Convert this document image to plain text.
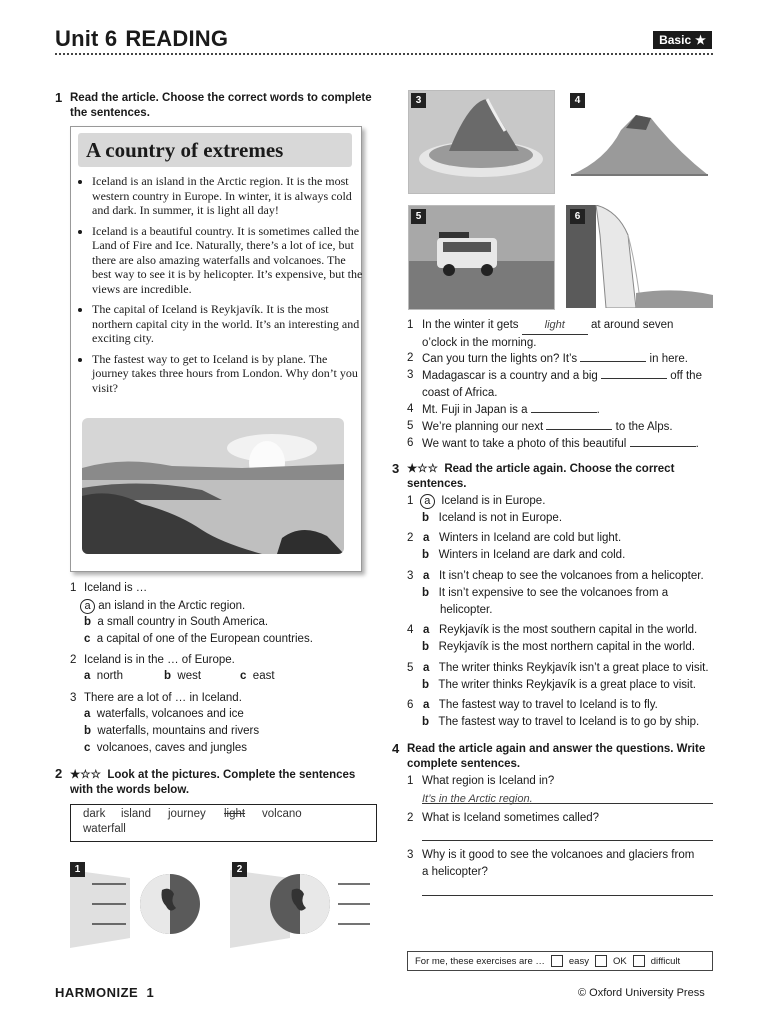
Unit 6 READING	Basic ★
1 Read the article. Choose the correct words to complete the sentences.
A country of extremes
• Iceland is an island in the Arctic region. It is the most western country in Europe. In winter, it is always cold and dark. In summer, it is light all day!
• Iceland is a beautiful country. It is sometimes called the Land of Fire and Ice. Naturally, there’s a lot of ice, but there are also amazing waterfalls and volcanoes. The best way to see it is by helicopter. It’s expensive, but the views are incredible.
• The capital of Iceland is Reykjavík. It is the most northern capital city in the world. It’s an interesting and exciting city.
• The fastest way to get to Iceland is by plane. The journey takes three hours from London. Why don’t you visit?
1 Iceland is …
a an island in the Arctic region.
b a small country in South America.
c a capital of one of the European countries.
2 Iceland is in the … of Europe.
a north	b west	c east
3 There are a lot of … in Iceland.
a waterfalls, volcanoes and ice
b waterfalls, mountains and rivers
c volcanoes, caves and jungles
2 ★☆☆ Look at the pictures. Complete the sentences
with the words below.
dark island journey light volcano
waterfall
1	2
3	4
5	6
1 In the winter it gets light at around seven
o’clock in the morning.
2 Can you turn the lights on? It’s	in here.
3 Madagascar is a country and a big	off the
coast of Africa.
4 Mt. Fuji in Japan is a	.
5 We’re planning our next	to the Alps.
6 We want to take a photo of this beautiful	.
3 ★☆☆ Read the article again. Choose the correct
sentences.
1 a Iceland is in Europe.
b Iceland is not in Europe.
2 a Winters in Iceland are cold but light.
b Winters in Iceland are dark and cold.
3 a It isn’t cheap to see the volcanoes from a helicopter.
b It isn’t expensive to see the volcanoes from a
helicopter.
4 a Reykjavík is the most southern capital in the world.
b Reykjavík is the most northern capital in the world.
5 a The writer thinks Reykjavík isn’t a great place to visit.
b The writer thinks Reykjavík is a great place to visit.
6 a The fastest way to travel to Iceland is to fly.
b The fastest way to travel to Iceland is to go by ship.
4 Read the article again and answer the questions. Write
complete sentences.
1 What region is Iceland in?
It’s in the Arctic region.
2 What is Iceland sometimes called?
3 Why is it good to see the volcanoes and glaciers from
a helicopter?
For me, these exercises are …	easy	OK	difficult
HARMONIZE 1	© Oxford University Press
